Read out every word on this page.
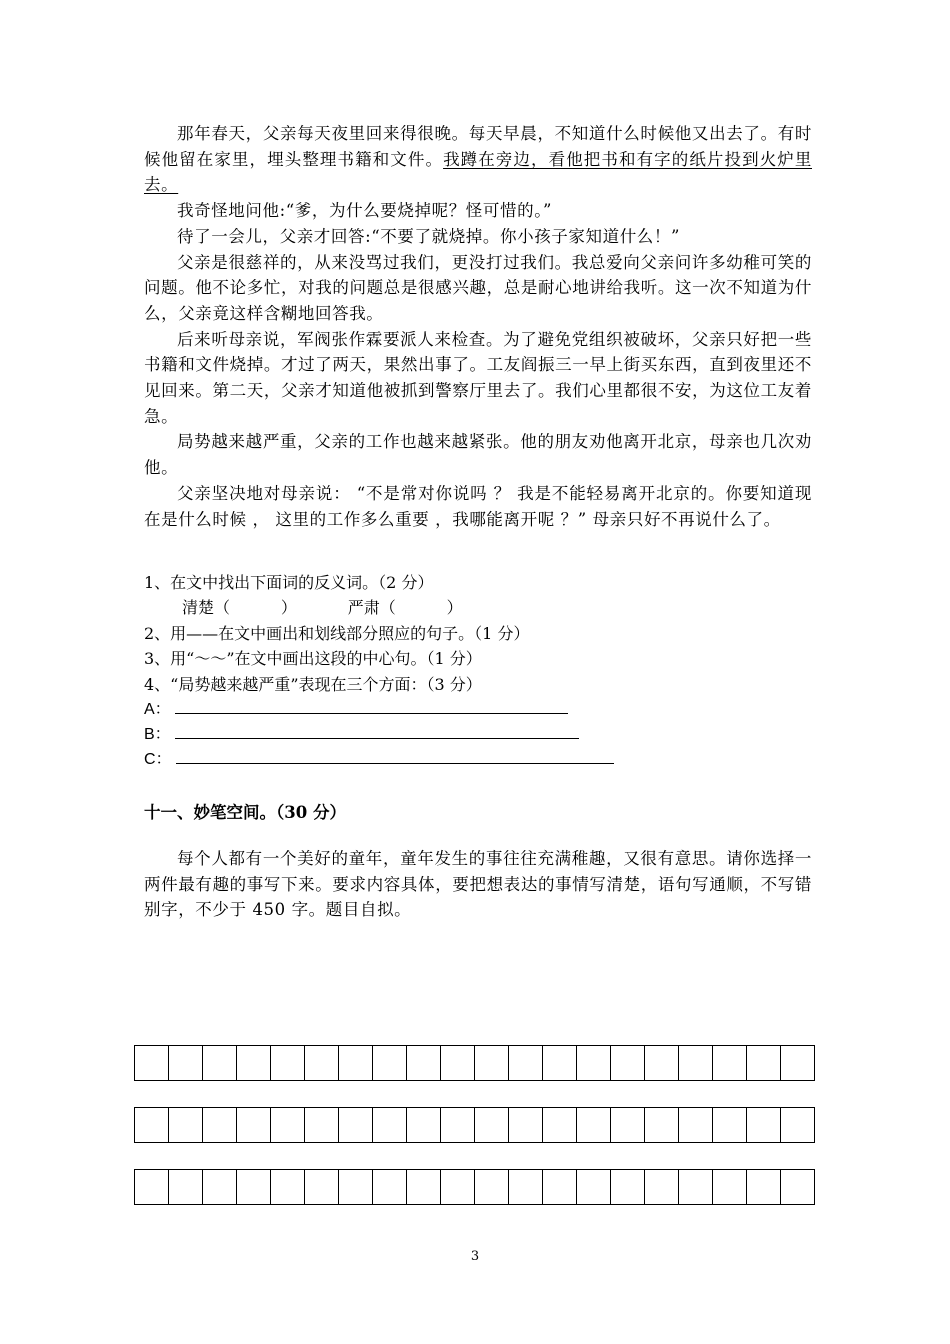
那年春天，父亲每天夜里回来得很晚。每天早晨，不知道什么时候他又出去了。有时候他留在家里，埋头整理书籍和文件。我蹲在旁边，看他把书和有字的纸片投到火炉里去。

我奇怪地问他:“爹，为什么要烧掉呢？怪可惜的。”

待了一会儿，父亲才回答:“不要了就烧掉。你小孩子家知道什么！”

父亲是很慈祥的，从来没骂过我们，更没打过我们。我总爱向父亲问许多幼稚可笑的问题。他不论多忙，对我的问题总是很感兴趣，总是耐心地讲给我听。这一次不知道为什么，父亲竟这样含糊地回答我。

后来听母亲说，军阀张作霖要派人来检查。为了避免党组织被破坏，父亲只好把一些书籍和文件烧掉。才过了两天，果然出事了。工友阎振三一早上街买东西，直到夜里还不见回来。第二天，父亲才知道他被抓到警察厅里去了。我们心里都很不安，为这位工友着急。

局势越来越严重，父亲的工作也越来越紧张。他的朋友劝他离开北京，母亲也几次劝他。

父亲坚决地对母亲说： “不是常对你说吗 ？ 我是不能轻易离开北京的。你要知道现在是什么时候 ， 这里的工作多么重要 ，我哪能离开呢 ？” 母亲只好不再说什么了。

1、在文中找出下面词的反义词。（2 分）
清楚（          ）          严肃（          ）
2、用——在文中画出和划线部分照应的句子。（1 分）
3、用“～～”在文中画出这段的中心句。（1 分）
4、“局势越来越严重”表现在三个方面：（3 分）
A：
B：
C：
十一、妙笔空间。（30 分）

每个人都有一个美好的童年，童年发生的事往往充满稚趣，又很有意思。请你选择一两件最有趣的事写下来。要求内容具体，要把想表达的事情写清楚，语句写通顺，不写错别字，不少于 450 字。题目自拟。

3
